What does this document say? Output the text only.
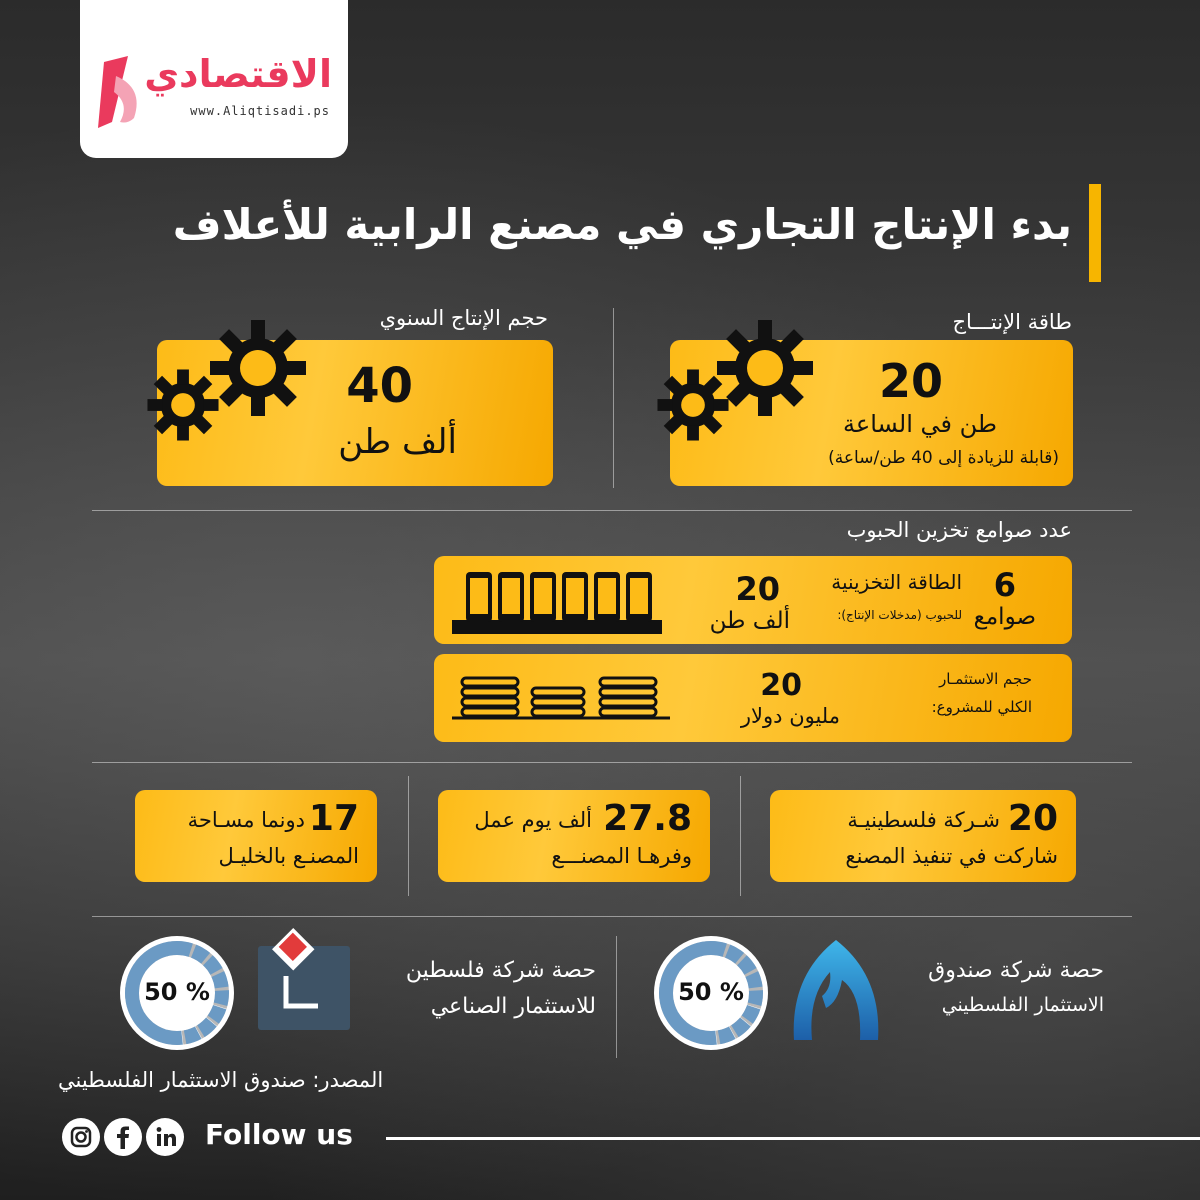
الاقتصادي
www.Aliqtisadi.ps
بدء الإنتاج التجاري في مصنع الرابية للأعلاف
طاقة الإنتـــاج
حجم الإنتاج السنوي
20
طن في الساعة
(قابلة للزيادة إلى 40 طن/ساعة)
40
ألف طن
عدد صوامع تخزين الحبوب
6
صوامع
الطاقة التخزينية
للحبوب (مدخلات الإنتاج):
20
ألف طن
حجم الاستثمـار
الكلي للمشروع:
20
مليون دولار
20
شـركة فلسطينيـة
شاركت في تنفيذ المصنع
27.8
ألف يوم عمل
وفرهـا المصنـــع
17
دونما مسـاحة
المصنـع بالخليـل
حصة شركة صندوق
الاستثمار الفلسطيني
50 %
حصة شركة فلسطين
للاستثمار الصناعي
50 %
المصدر: صندوق الاستثمار الفلسطيني
Follow us
